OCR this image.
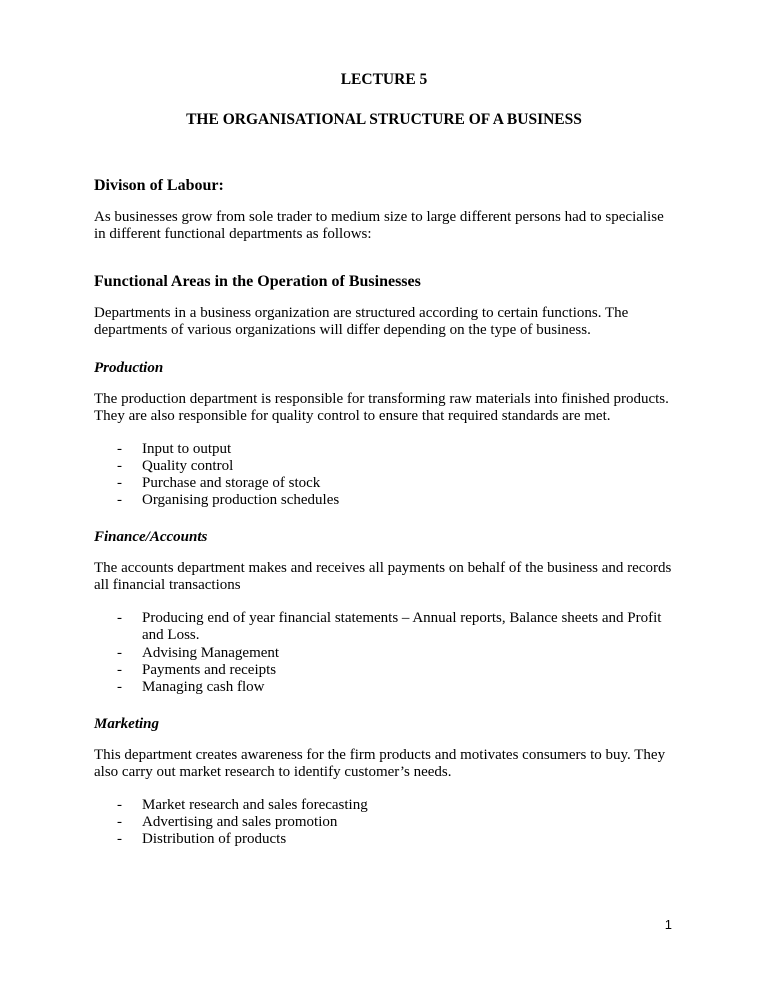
LECTURE 5
THE ORGANISATIONAL STRUCTURE OF A BUSINESS
Divison of Labour:

As businesses grow from sole trader to medium size to large different persons had to specialise in different functional departments as follows:

Functional Areas in the Operation of Businesses

Departments in a business organization are structured according to certain functions. The departments of various organizations will differ depending on the type of business.

Production

The production department is responsible for transforming raw materials into finished products. They are also responsible for quality control to ensure that required standards are met.

-	Input to output
-	Quality control
-	Purchase and storage of stock
-	Organising production schedules
Finance/Accounts

The accounts department makes and receives all payments on behalf of the business and records all financial transactions

-	Producing end of year financial statements – Annual reports, Balance sheets and Profit and Loss.
-	Advising Management
-	Payments and receipts
-	Managing cash flow
Marketing

This department creates awareness for the firm products and motivates consumers to buy. They also carry out market research to identify customer’s needs.

-	Market research and sales forecasting
-	Advertising and sales promotion
-	Distribution of products
1
